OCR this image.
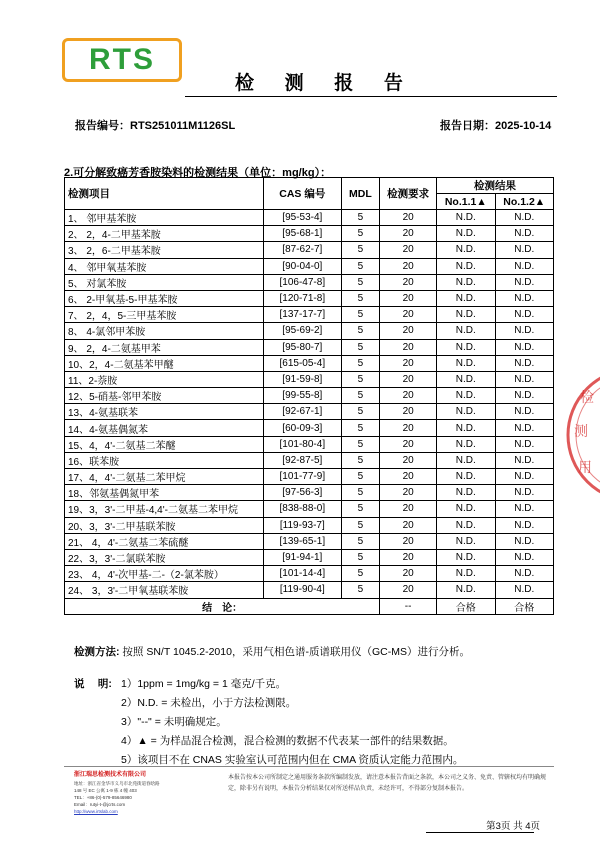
RTS
检 测 报 告
报告编号：RTS251011M1126SL	报告日期：2025-10-14
2.可分解致癌芳香胺染料的检测结果（单位：mg/kg）：
检测项目	CAS 编号	MDL	检测要求	检测结果	
				No.1.1▲	No.1.2▲
1、 邻甲基苯胺	[95-53-4]	5	20	N.D.	N.D.
2、 2，4-二甲基苯胺	[95-68-1]	5	20	N.D.	N.D.
3、 2，6-二甲基苯胺	[87-62-7]	5	20	N.D.	N.D.
4、 邻甲氧基苯胺	[90-04-0]	5	20	N.D.	N.D.
5、 对氯苯胺	[106-47-8]	5	20	N.D.	N.D.
6、 2-甲氧基-5-甲基苯胺	[120-71-8]	5	20	N.D.	N.D.
7、 2，4，5-三甲基苯胺	[137-17-7]	5	20	N.D.	N.D.
8、 4-氯邻甲苯胺	[95-69-2]	5	20	N.D.	N.D.
9、 2，4-二氨基甲苯	[95-80-7]	5	20	N.D.	N.D.
10、2，4-二氨基苯甲醚	[615-05-4]	5	20	N.D.	N.D.
11、2-萘胺	[91-59-8]	5	20	N.D.	N.D.
12、5-硝基-邻甲苯胺	[99-55-8]	5	20	N.D.	N.D.
13、4-氨基联苯	[92-67-1]	5	20	N.D.	N.D.
14、4-氨基偶氮苯	[60-09-3]	5	20	N.D.	N.D.
15、4，4'-二氨基二苯醚	[101-80-4]	5	20	N.D.	N.D.
16、联苯胺	[92-87-5]	5	20	N.D.	N.D.
17、4，4'-二氨基二苯甲烷	[101-77-9]	5	20	N.D.	N.D.
18、邻氨基偶氮甲苯	[97-56-3]	5	20	N.D.	N.D.
19、3，3'-二甲基-4,4'-二氨基二苯甲烷	[838-88-0]	5	20	N.D.	N.D.
20、3，3'-二甲基联苯胺	[119-93-7]	5	20	N.D.	N.D.
21、 4，4'-二氨基二苯硫醚	[139-65-1]	5	20	N.D.	N.D.
22、3，3'-二氯联苯胺	[91-94-1]	5	20	N.D.	N.D.
23、 4，4'-次甲基-二-（2-氯苯胺）	[101-14-4]	5	20	N.D.	N.D.
24、 3，3'-二甲氧基联苯胺	[119-90-4]	5	20	N.D.	N.D.
结　论：			--	合格	合格
检测方法: 按照 SN/T 1045.2-2010，采用气相色谱-质谱联用仪（GC-MS）进行分析。
说　 明: 1）1ppm = 1mg/kg = 1 毫克/千克。
2）N.D. = 未检出，小于方法检测限。
3）"--" = 未明确规定。
4）▲ = 为样品混合检测，混合检测的数据不代表某一部件的结果数据。
5）该项目不在 CNAS 实验室认可范围内但在 CMA 资质认定能力范围内。
浙江瑞思检测技术有限公司
地址：浙江省金华市义乌市北苑街道春晗路
148 号 EC 公寓 1-9 栋 4 幢 403
TEL：+86-(0)-579-85646980
Email：rutyi-t-@jcrts.com
http://www.irtslab.com
本报告按本公司所制定之通用服务条款所编制发放，请注意本报告背面之条款，本公司之义务、免责、管辖权均有明确规定，除非另有说明，本报告分析结果仅对所送样品负责，未经许可，不得部分复制本报告。
第3页 共 4页
检
测
用
